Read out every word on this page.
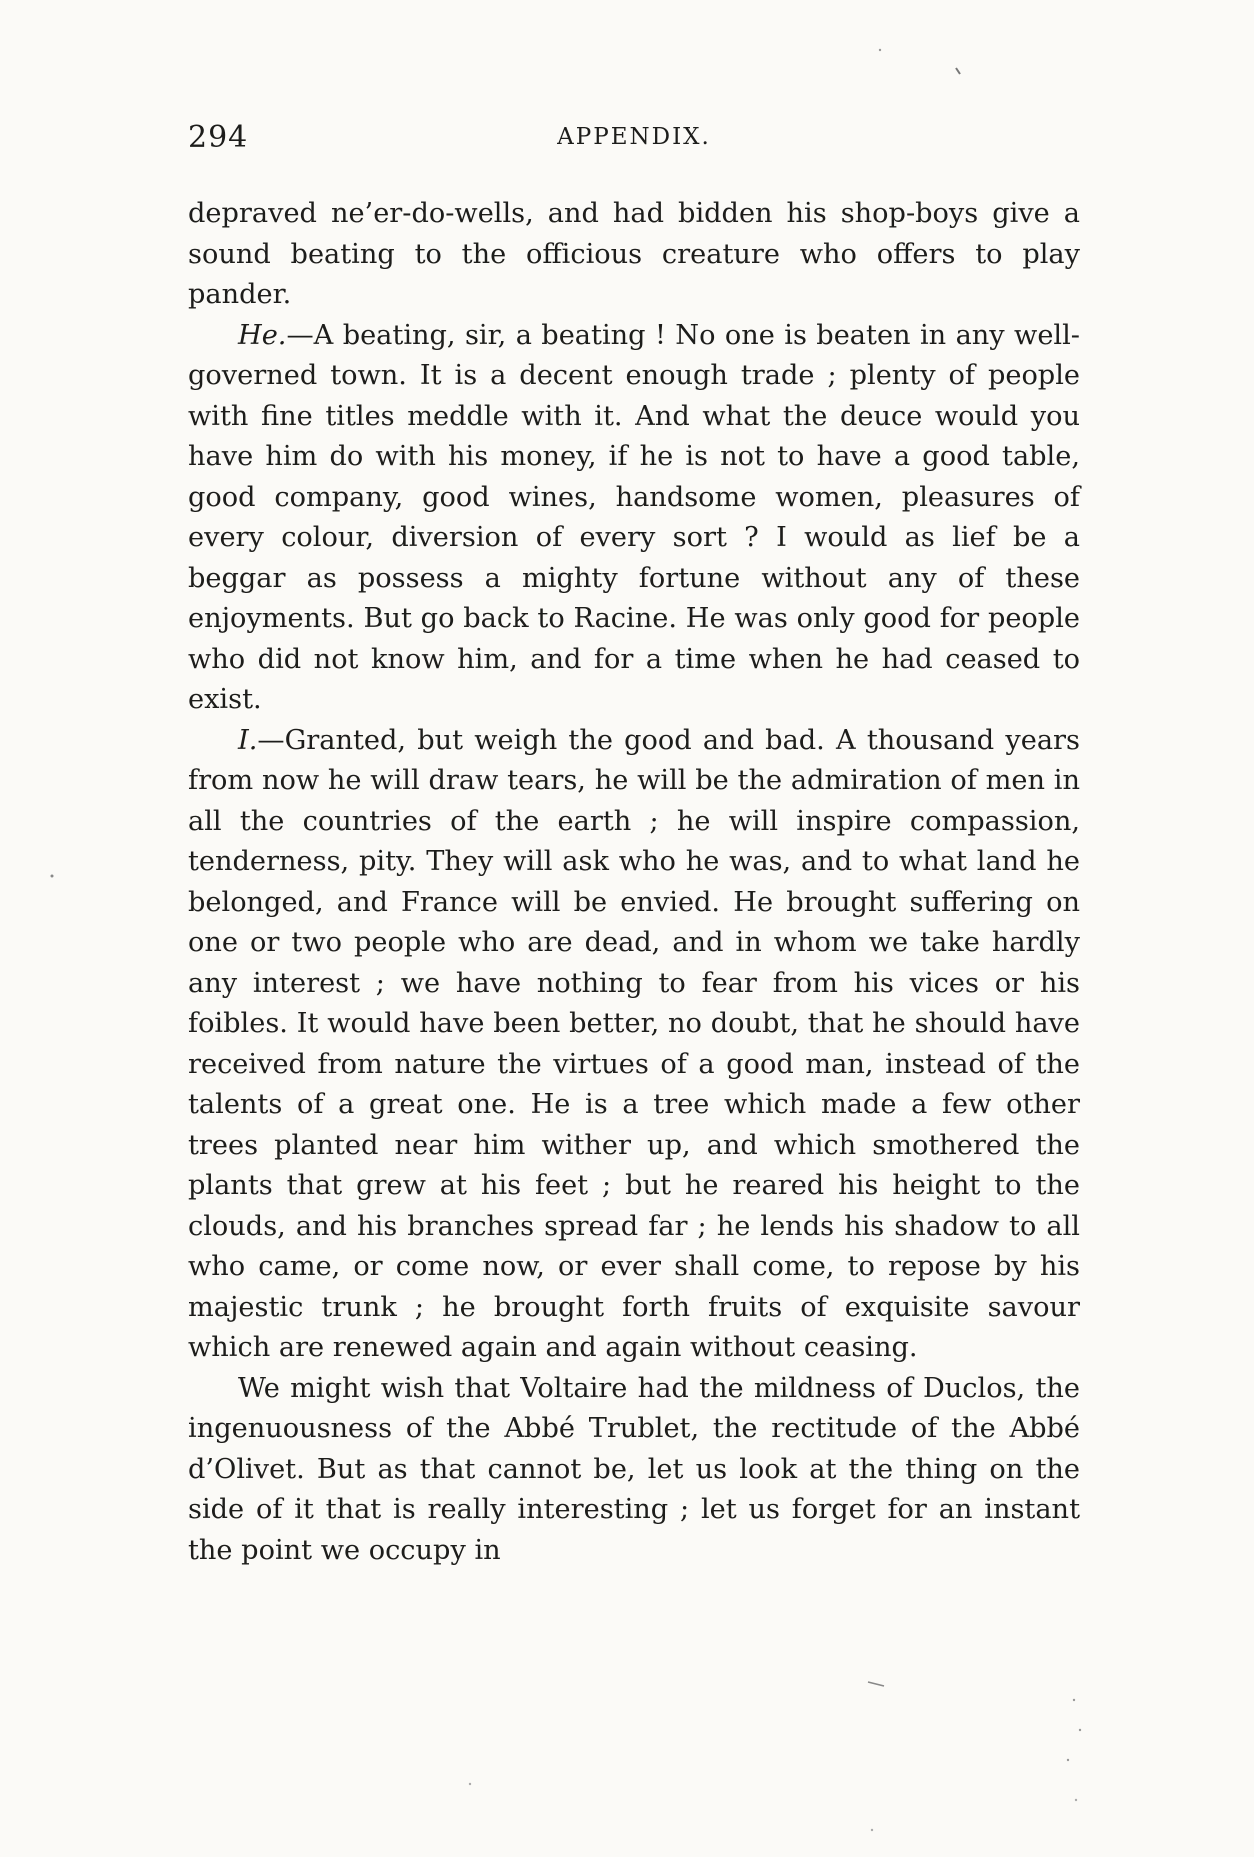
294	APPENDIX.

depraved ne’er-do-wells, and had bidden his shop-boys give a sound beating to the officious creature who offers to play pander.

He.—A beating, sir, a beating ! No one is beaten in any well-governed town. It is a decent enough trade ; plenty of people with fine titles meddle with it. And what the deuce would you have him do with his money, if he is not to have a good table, good company, good wines, handsome women, pleasures of every colour, diversion of every sort ? I would as lief be a beggar as possess a mighty fortune without any of these enjoyments. But go back to Racine. He was only good for people who did not know him, and for a time when he had ceased to exist.

I.—Granted, but weigh the good and bad. A thousand years from now he will draw tears, he will be the admiration of men in all the countries of the earth ; he will inspire compassion, tenderness, pity. They will ask who he was, and to what land he belonged, and France will be envied. He brought suffering on one or two people who are dead, and in whom we take hardly any interest ; we have nothing to fear from his vices or his foibles. It would have been better, no doubt, that he should have received from nature the virtues of a good man, instead of the talents of a great one. He is a tree which made a few other trees planted near him wither up, and which smothered the plants that grew at his feet ; but he reared his height to the clouds, and his branches spread far ; he lends his shadow to all who came, or come now, or ever shall come, to repose by his majestic trunk ; he brought forth fruits of exquisite savour which are renewed again and again without ceasing.

We might wish that Voltaire had the mildness of Duclos, the ingenuousness of the Abbé Trublet, the rectitude of the Abbé d’Olivet. But as that cannot be, let us look at the thing on the side of it that is really interesting ; let us forget for an instant the point we occupy in
